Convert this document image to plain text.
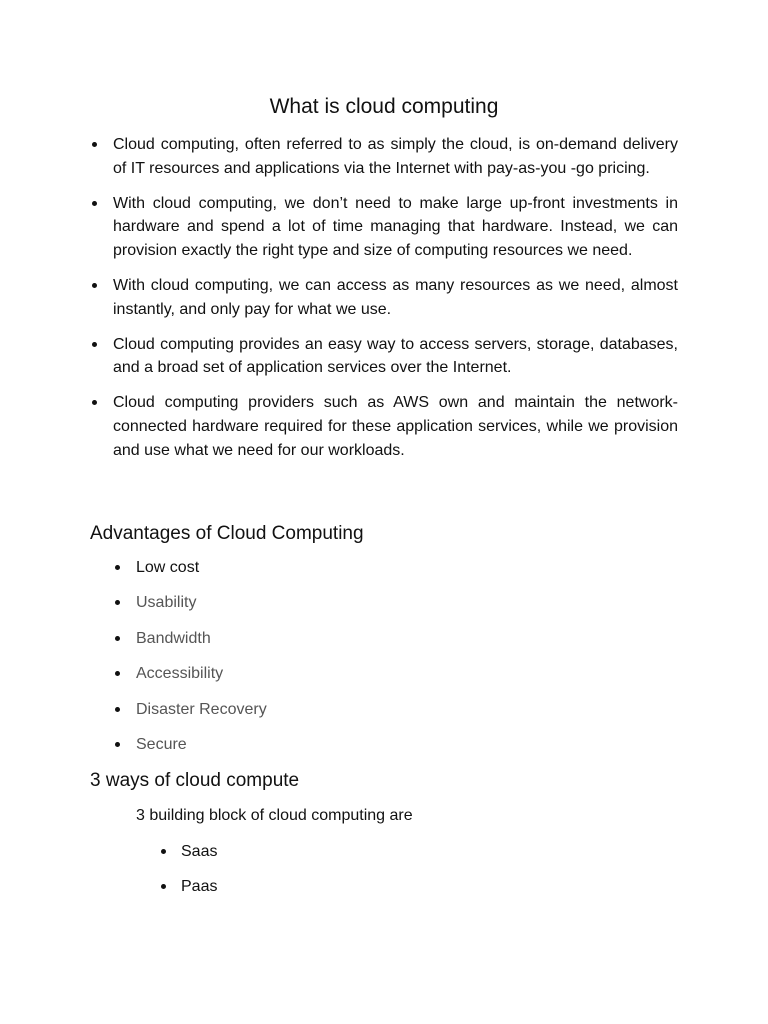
What is cloud computing
Cloud computing, often referred to as simply the cloud, is on-demand delivery of IT resources and applications via the Internet with pay-as-you -go pricing.
With cloud computing, we don’t need to make large up-front investments in hardware and spend a lot of time managing that hardware. Instead, we can provision exactly the right type and size of computing resources we need.
With cloud computing, we can access as many resources as we need, almost instantly, and only pay for what we use.
Cloud computing provides an easy way to access servers, storage, databases, and a broad set of application services over the Internet.
Cloud computing providers such as AWS own and maintain the network-connected hardware required for these application services, while we provision and use what we need for our workloads.
Advantages of Cloud Computing
Low cost
Usability
Bandwidth
Accessibility
Disaster Recovery
Secure
3 ways of cloud compute

3 building block of cloud computing are

Saas
Paas
